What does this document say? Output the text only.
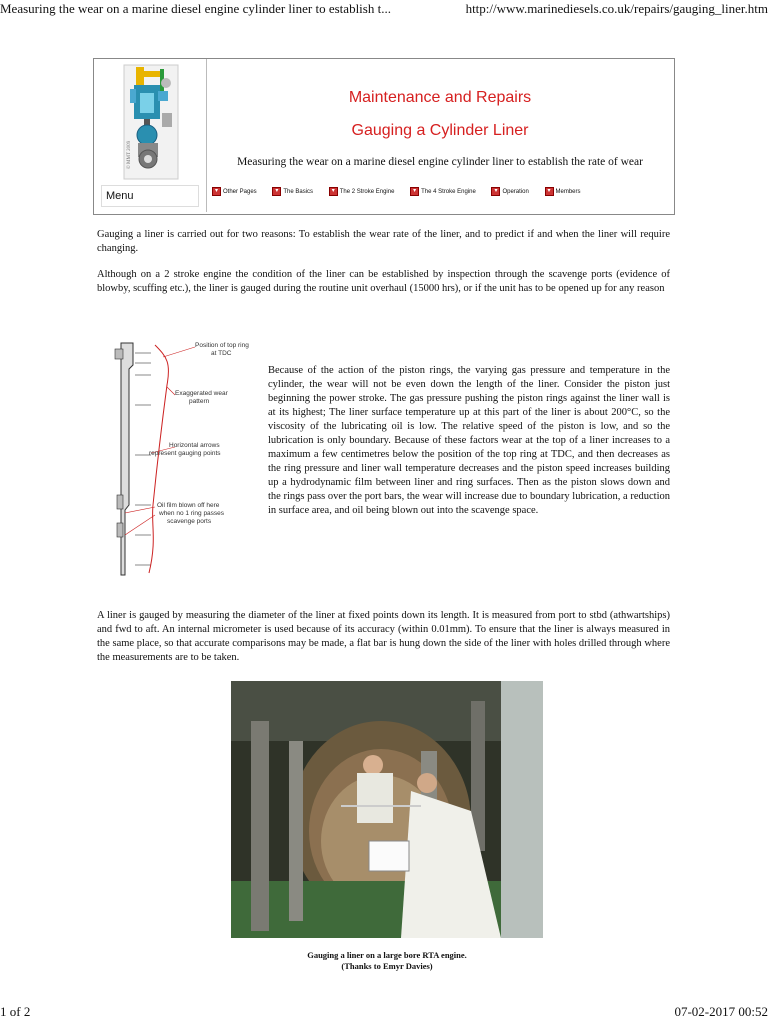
Measuring the wear on a marine diesel engine cylinder liner to establish t...	http://www.marinediesels.co.uk/repairs/gauging_liner.htm
© MMT 2009
Menu
Maintenance and Repairs
Gauging a Cylinder Liner
Measuring the wear on a marine diesel engine cylinder liner to establish the rate of wear
▾ Other Pages	▾ The Basics	▾ The 2 Stroke Engine	▾ The 4 Stroke Engine	▾ Operation	▾ Members

Gauging a liner is carried out for two reasons: To establish the wear rate of the liner, and to predict if and when the liner will require changing.

Although on a 2 stroke engine the condition of the liner can be established by inspection through the scavenge ports (evidence of blowby, scuffing etc.), the liner is gauged during the routine unit overhaul (15000 hrs), or if the unit has to be opened up for any reason

Position of top ring
at TDC
Exaggerated wear
pattern
Horizontal arrows
represent gauging points
Oil film blown off here
when no 1 ring passes
scavenge ports

Because of the action of the piston rings, the varying gas pressure and temperature in the cylinder, the wear will not be even down the length of the liner. Consider the piston just beginning the power stroke. The gas pressure pushing the piston rings against the liner wall is at its highest; The liner surface temperature up at this part of the liner is about 200°C, so the viscosity of the lubricating oil is low. The relative speed of the piston is low, and so the lubrication is only boundary. Because of these factors wear at the top of a liner increases to a maximum a few centimetres below the position of the top ring at TDC, and then decreases as the ring pressure and liner wall temperature decreases and the piston speed increases building up a hydrodynamic film between liner and ring surfaces. Then as the piston slows down and the rings pass over the port bars, the wear will increase due to boundary lubrication, a reduction in surface area, and oil being blown out into the scavenge space.

A liner is gauged by measuring the diameter of the liner at fixed points down its length. It is measured from port to stbd (athwartships) and fwd to aft. An internal micrometer is used because of its accuracy (within 0.01mm). To ensure that the liner is always measured in the same place, so that accurate comparisons may be made, a flat bar is hung down the side of the liner with holes drilled through where the measurements are to be taken.

Gauging a liner on a large bore RTA engine.
(Thanks to Emyr Davies)
1 of 2	07-02-2017 00:52
